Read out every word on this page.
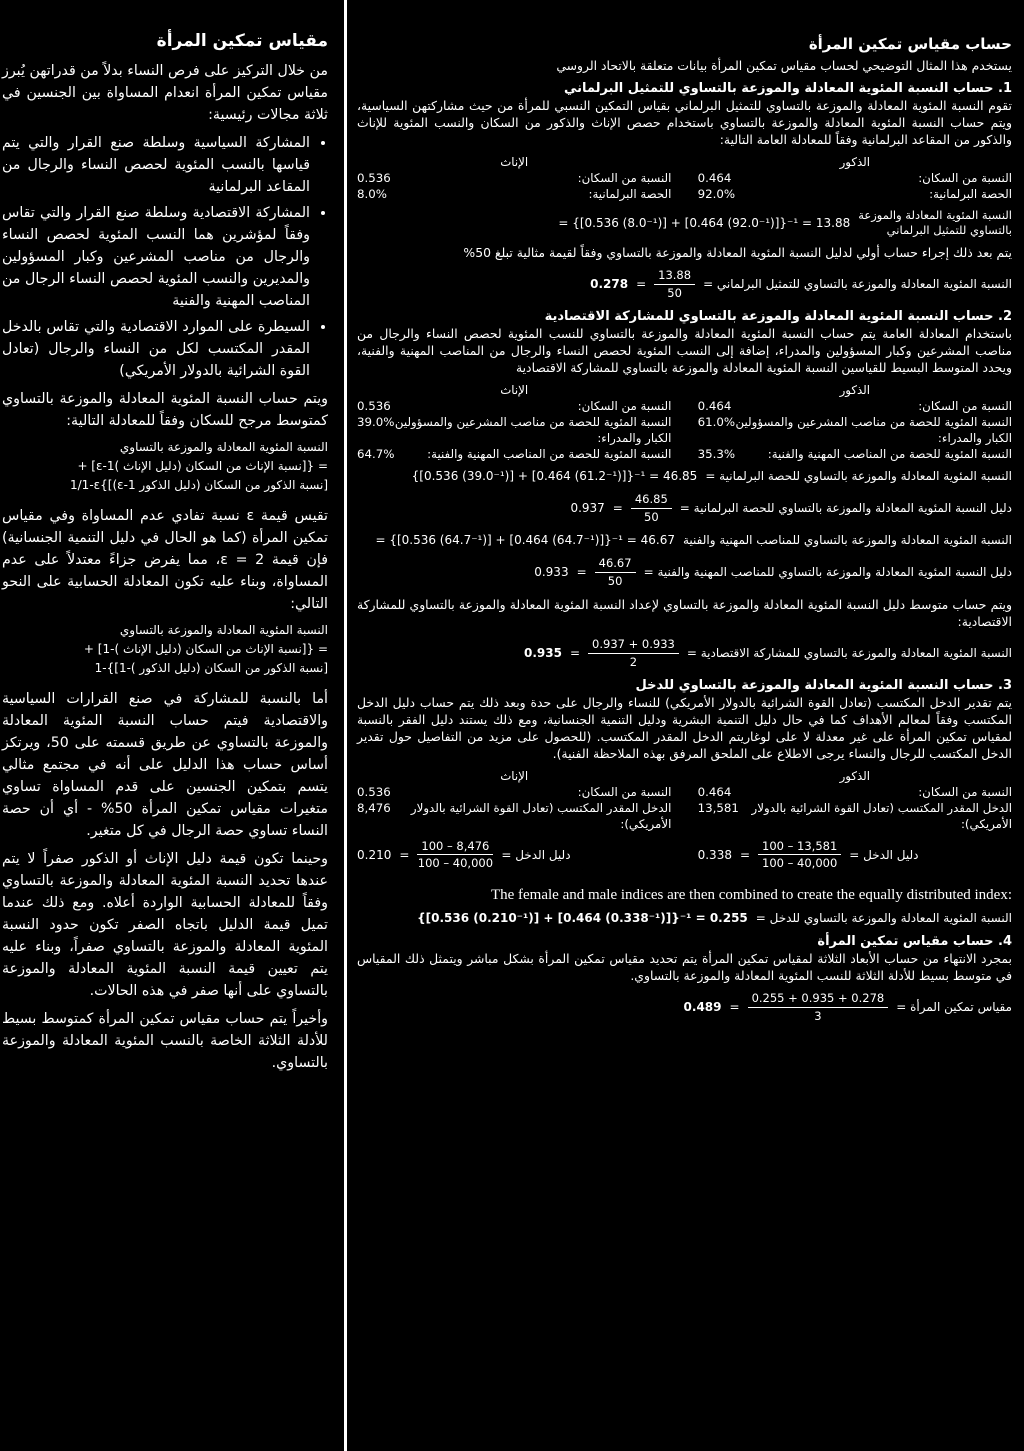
مقياس تمكين المرأة

من خلال التركيز على فرص النساء بدلاً من قدراتهن يُبرز مقياس تمكين المرأة انعدام المساواة بين الجنسين في ثلاثة مجالات رئيسية:

• المشاركة السياسية وسلطة صنع القرار والتي يتم قياسها بالنسب المئوية لحصص النساء والرجال من المقاعد البرلمانية
• المشاركة الاقتصادية وسلطة صنع القرار والتي تقاس وفقاً لمؤشرين هما النسب المئوية لحصص النساء والرجال من مناصب المشرعين وكبار المسؤولين والمديرين والنسب المئوية لحصص النساء الرجال من المناصب المهنية والفنية
• السيطرة على الموارد الاقتصادية والتي تقاس بالدخل المقدر المكتسب لكل من النساء والرجال (تعادل القوة الشرائية بالدولار الأمريكي)

ويتم حساب النسبة المئوية المعادلة والموزعة بالتساوي كمتوسط مرجح للسكان وفقاً للمعادلة التالية:

النسبة المئوية المعادلة والموزعة بالتساوي
= {[نسبة الإناث من السكان (دليل الإناث )ε-1] +
[نسبة الذكور من السكان (دليل الذكور ε-1)]}1/1-ε

تقيس قيمة ε نسبة تفادي عدم المساواة وفي مقياس تمكين المرأة (كما هو الحال في دليل التنمية الجنسانية) فإن قيمة ε = 2، مما يفرض جزاءً معتدلاً على عدم المساواة، وبناء عليه تكون المعادلة الحسابية على النحو التالي:

النسبة المئوية المعادلة والموزعة بالتساوي
= {[نسبة الإناث من السكان (دليل الإناث )-1] +
[نسبة الذكور من السكان (دليل الذكور )-1]}-1

أما بالنسبة للمشاركة في صنع القرارات السياسية والاقتصادية فيتم حساب النسبة المئوية المعادلة والموزعة بالتساوي عن طريق قسمته على 50، ويرتكز أساس حساب هذا الدليل على أنه في مجتمع مثالي يتسم بتمكين الجنسين على قدم المساواة تساوي متغيرات مقياس تمكين المرأة 50% - أي أن حصة النساء تساوي حصة الرجال في كل متغير.

وحينما تكون قيمة دليل الإناث أو الذكور صفراً لا يتم عندها تحديد النسبة المئوية المعادلة والموزعة بالتساوي وفقاً للمعادلة الحسابية الواردة أعلاه. ومع ذلك عندما تميل قيمة الدليل باتجاه الصفر تكون حدود النسبة المئوية المعادلة والموزعة بالتساوي صفراً، وبناء عليه يتم تعيين قيمة النسبة المئوية المعادلة والموزعة بالتساوي على أنها صفر في هذه الحالات.

وأخيراً يتم حساب مقياس تمكين المرأة كمتوسط بسيط للأدلة الثلاثة الخاصة بالنسب المئوية المعادلة والموزعة بالتساوي.

حساب مقياس تمكين المرأة

يستخدم هذا المثال التوضيحي لحساب مقياس تمكين المرأة بيانات متعلقة بالاتحاد الروسي

1. حساب النسبة المئوية المعادلة والموزعة بالتساوي للتمثيل البرلماني

تقوم النسبة المئوية المعادلة والموزعة بالتساوي للتمثيل البرلماني بقياس التمكين النسبي للمرأة من حيث مشاركتهن السياسية، ويتم حساب النسبة المئوية المعادلة والموزعة بالتساوي باستخدام حصص الإناث والذكور من السكان والنسب المئوية للإناث والذكور من المقاعد البرلمانية وفقاً للمعادلة العامة التالية:

الذكور
النسبة من السكان:
0.464
الحصة البرلمانية:
92.0%
الإناث
النسبة من السكان:
0.536
الحصة البرلمانية:
8.0%
= {[0.536 (8.0⁻¹)] + [0.464 (92.0⁻¹)]}⁻¹ = 13.88
النسبة المئوية المعادلة والموزعة
بالتساوي للتمثيل البرلماني

يتم بعد ذلك إجراء حساب أولي لدليل النسبة المئوية المعادلة والموزعة بالتساوي وفقاً لقيمة مثالية تبلغ 50%

$0.278 = \frac{13.88}{50}$ النسبة المئوية المعادلة والموزعة بالتساوي للتمثيل البرلماني =
2. حساب النسبة المئوية المعادلة والموزعة بالتساوي للمشاركة الاقتصادية

باستخدام المعادلة العامة يتم حساب النسبة المئوية المعادلة والموزعة بالتساوي للنسب المئوية لحصص النساء والرجال من مناصب المشرعين وكبار المسؤولين والمدراء، إضافة إلى النسب المئوية لحصص النساء والرجال من المناصب المهنية والفنية، ويحدد المتوسط البسيط للقياسين النسبة المئوية المعادلة والموزعة بالتساوي للمشاركة الاقتصادية

الذكور
النسبة من السكان:
0.464
النسبة المئوية للحصة من مناصب المشرعين والمسؤولين الكبار والمدراء:
61.0%
النسبة المئوية للحصة من المناصب المهنية والفنية:
35.3%
الإناث
النسبة من السكان:
0.536
النسبة المئوية للحصة من مناصب المشرعين والمسؤولين الكبار والمدراء:
39.0%
النسبة المئوية للحصة من المناصب المهنية والفنية:
64.7%
{[0.536 (39.0⁻¹)] + [0.464 (61.2⁻¹)]}⁻¹ = 46.85 النسبة المئوية المعادلة والموزعة بالتساوي للحصة البرلمانية =
$0.937 = \frac{46.85}{50}$ دليل النسبة المئوية المعادلة والموزعة بالتساوي للحصة البرلمانية =
= {[0.536 (64.7⁻¹)] + [0.464 (64.7⁻¹)]}⁻¹ = 46.67 النسبة المئوية المعادلة والموزعة بالتساوي للمناصب المهنية والفنية
$0.933 = \frac{46.67}{50}$ دليل النسبة المئوية المعادلة والموزعة بالتساوي للمناصب المهنية والفنية =

ويتم حساب متوسط دليل النسبة المئوية المعادلة والموزعة بالتساوي لإعداد النسبة المئوية المعادلة والموزعة بالتساوي للمشاركة الاقتصادية:

$0.935 = \frac{0.937 + 0.933}{2}$ النسبة المئوية المعادلة والموزعة بالتساوي للمشاركة الاقتصادية =
3. حساب النسبة المئوية المعادلة والموزعة بالتساوي للدخل

يتم تقدير الدخل المكتسب (تعادل القوة الشرائية بالدولار الأمريكي) للنساء والرجال على حدة وبعد ذلك يتم حساب دليل الدخل المكتسب وفقاً لمعالم الأهداف كما في حال دليل التنمية البشرية ودليل التنمية الجنسانية، ومع ذلك يستند دليل الفقر بالنسبة لمقياس تمكين المرأة على غير معدلة لا على لوغاريتم الدخل المقدر المكتسب. (للحصول على مزيد من التفاصيل حول تقدير الدخل المكتسب للرجال والنساء يرجى الاطلاع على الملحق المرفق بهذه الملاحظة الفنية).

الذكور
النسبة من السكان:
0.464
الدخل المقدر المكتسب (تعادل القوة الشرائية بالدولار الأمريكي):
13,581
$0.338 = \frac{100 - 13,581}{100 - 40,000}$ دليل الدخل =
الإناث
النسبة من السكان:
0.536
الدخل المقدر المكتسب (تعادل القوة الشرائية بالدولار الأمريكي):
8,476
$0.210 = \frac{100 - 8,476}{100 - 40,000}$ دليل الدخل =
The female and male indices are then combined to create the equally distributed index:
{[0.536 (0.210⁻¹)] + [0.464 (0.338⁻¹)]}⁻¹ = 0.255 النسبة المئوية المعادلة والموزعة بالتساوي للدخل =
4. حساب مقياس تمكين المرأة

بمجرد الانتهاء من حساب الأبعاد الثلاثة لمقياس تمكين المرأة يتم تحديد مقياس تمكين المرأة بشكل مباشر ويتمثل ذلك المقياس في متوسط بسيط للأدلة الثلاثة للنسب المئوية المعادلة والموزعة بالتساوي.

$0.489 = \frac{0.255 + 0.935 + 0.278}{3}$ مقياس تمكين المرأة =
